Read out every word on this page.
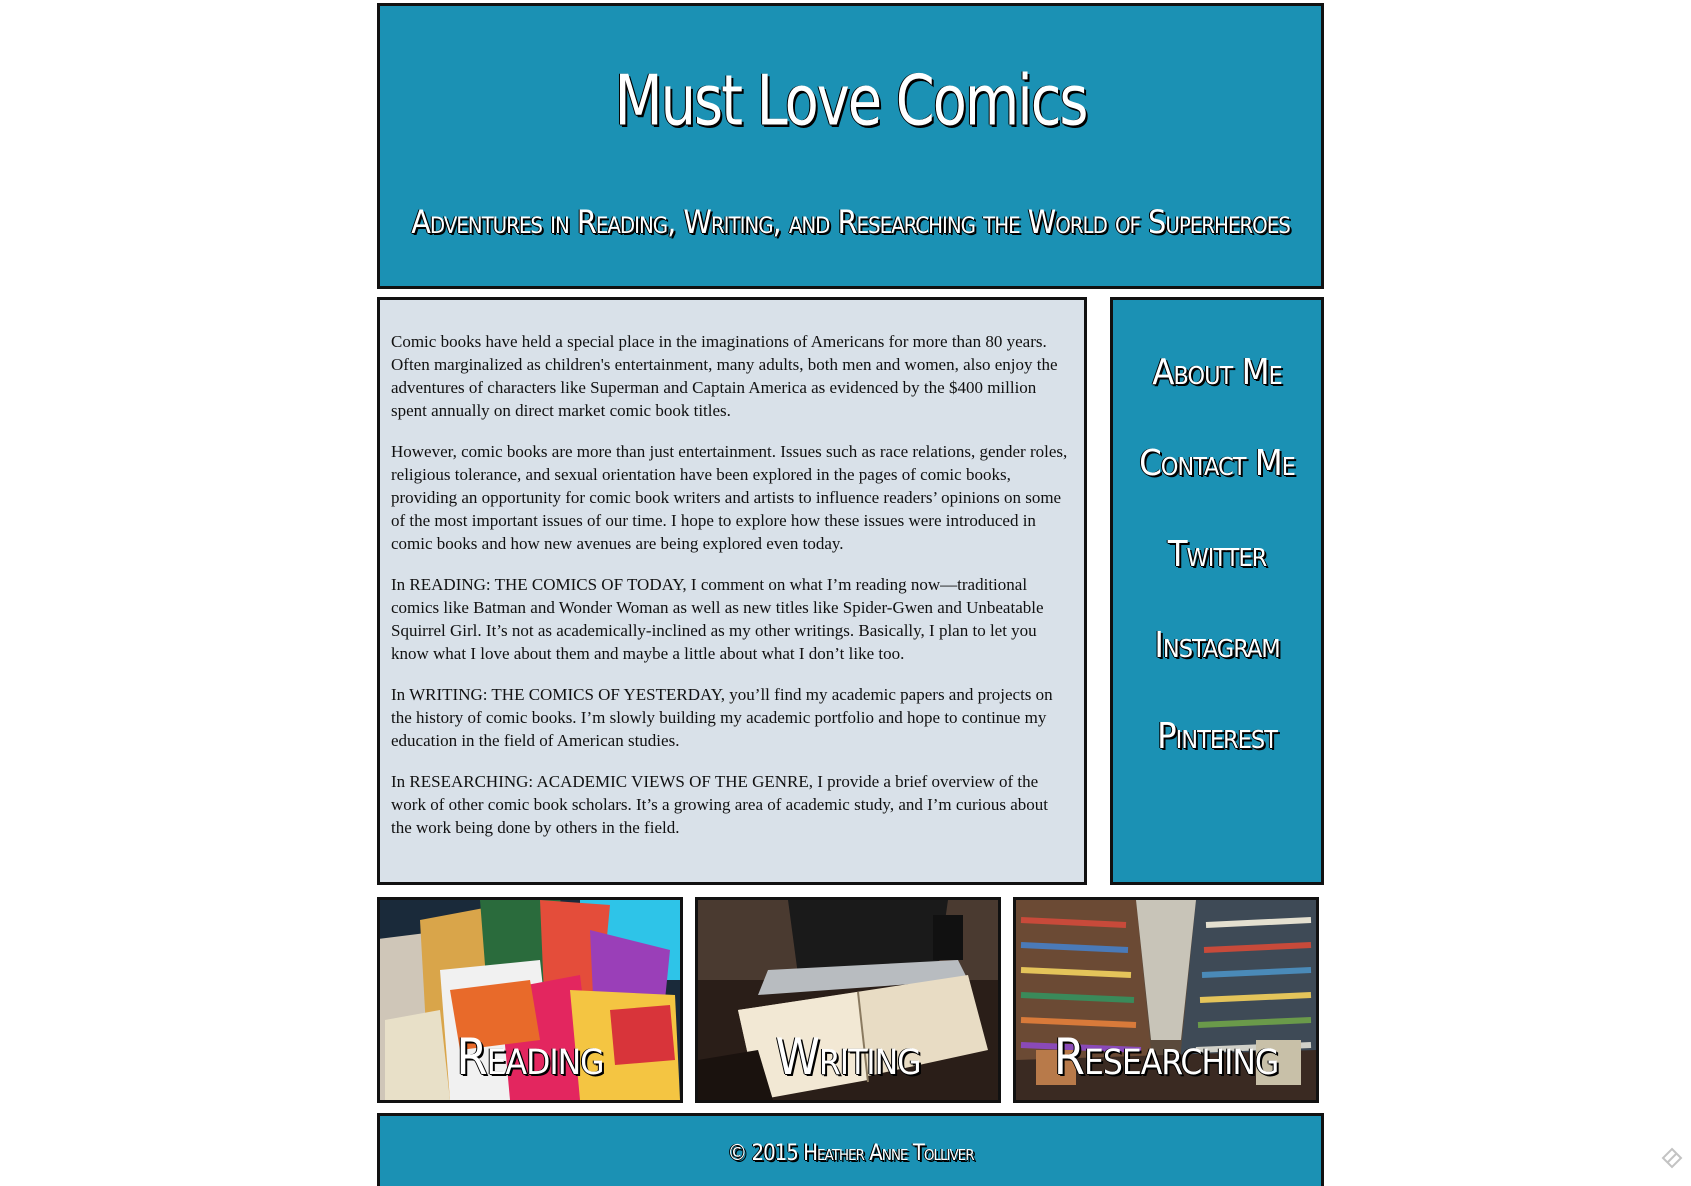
Must Love Comics
Adventures in Reading, Writing, and Researching the World of Superheroes

Comic books have held a special place in the imaginations of Americans for more than 80 years. Often marginalized as children's entertainment, many adults, both men and women, also enjoy the adventures of characters like Superman and Captain America as evidenced by the $400 million spent annually on direct market comic book titles.

However, comic books are more than just entertainment. Issues such as race relations, gender roles, religious tolerance, and sexual orientation have been explored in the pages of comic books, providing an opportunity for comic book writers and artists to influence readers’ opinions on some of the most important issues of our time. I hope to explore how these issues were introduced in comic books and how new avenues are being explored even today.

In READING: THE COMICS OF TODAY, I comment on what I’m reading now—traditional comics like Batman and Wonder Woman as well as new titles like Spider-Gwen and Unbeatable Squirrel Girl. It’s not as academically-inclined as my other writings. Basically, I plan to let you know what I love about them and maybe a little about what I don’t like too.

In WRITING: THE COMICS OF YESTERDAY, you’ll find my academic papers and projects on the history of comic books. I’m slowly building my academic portfolio and hope to continue my education in the field of American studies.

In RESEARCHING: ACADEMIC VIEWS OF THE GENRE, I provide a brief overview of the work of other comic book scholars. It’s a growing area of academic study, and I’m curious about the work being done by others in the field.

About Me
Contact Me
Twitter
Instagram
Pinterest
Reading	Writing	Researching
© 2015 Heather Anne Tolliver
